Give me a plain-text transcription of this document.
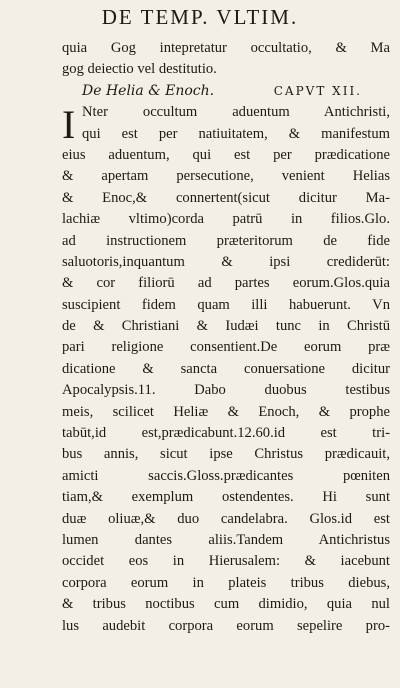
DE TEMP. VLTIM.
quia Gog intepretatur occultatio, & Ma
gog deiectio vel destitutio.
De Helia & Enoch.	CAPVT XII.
I Nter occultum aduentum Antichristi,
qui est per natiuitatem, & manifestum
eius aduentum, qui est per prædicatione
& apertam persecutione, venient Helias
& Enoc,& connertent(sicut dicitur Ma-
lachiæ vltimo)corda patrū in filios.Glo.
ad instructionem præteritorum de fide
saluotoris,inquantum & ipsi crediderūt:
& cor filiorū ad partes eorum.Glos.quia
suscipient fidem quam illi habuerunt. Vn
de & Christiani & Iudæi tunc in Christū
pari religione consentient.De eorum præ
dicatione & sancta conuersatione dicitur
Apocalypsis.11. Dabo duobus testibus
meis, scilicet Heliæ & Enoch, & prophe
tabūt,id est,prædicabunt.12.60.id est tri-
bus annis, sicut ipse Christus prædicauit,
amicti saccis.Gloss.prædicantes pœniten
tiam,& exemplum ostendentes. Hi sunt
duæ oliuæ,& duo candelabra. Glos.id est
lumen dantes aliis.Tandem Antichristus
occidet eos in Hierusalem: & iacebunt
corpora eorum in plateis tribus diebus,
& tribus noctibus cum dimidio, quia nul
lus audebit corpora eorum sepelire pro-
